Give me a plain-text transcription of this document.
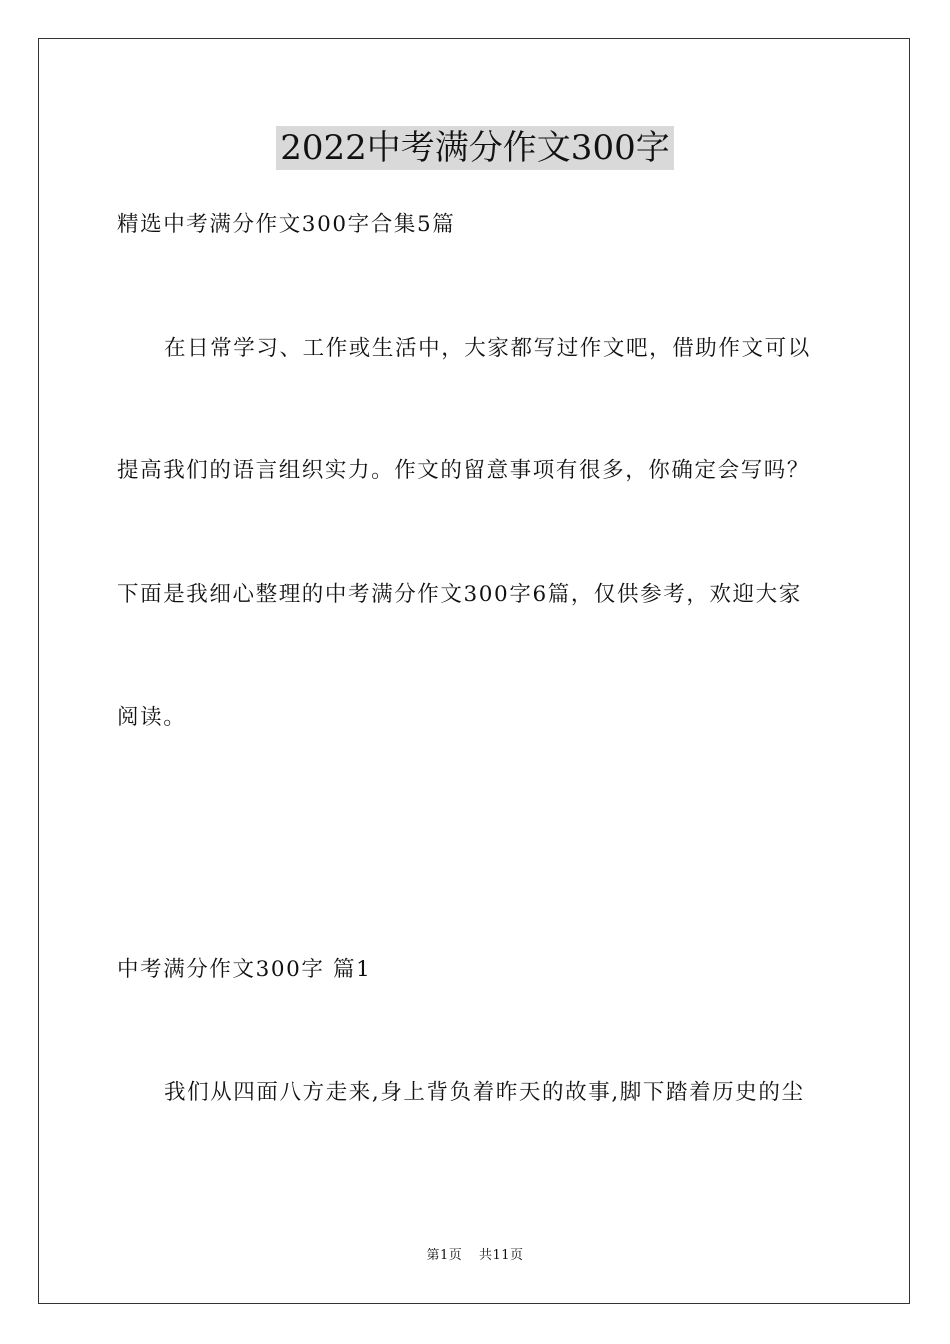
2022中考满分作文300字
精选中考满分作文300字合集5篇
在日常学习、工作或生活中，大家都写过作文吧，借助作文可以
提高我们的语言组织实力。作文的留意事项有很多，你确定会写吗？
下面是我细心整理的中考满分作文300字6篇，仅供参考，欢迎大家
阅读。
中考满分作文300字 篇1
我们从四面八方走来,身上背负着昨天的故事,脚下踏着历史的尘
第1页 共11页
